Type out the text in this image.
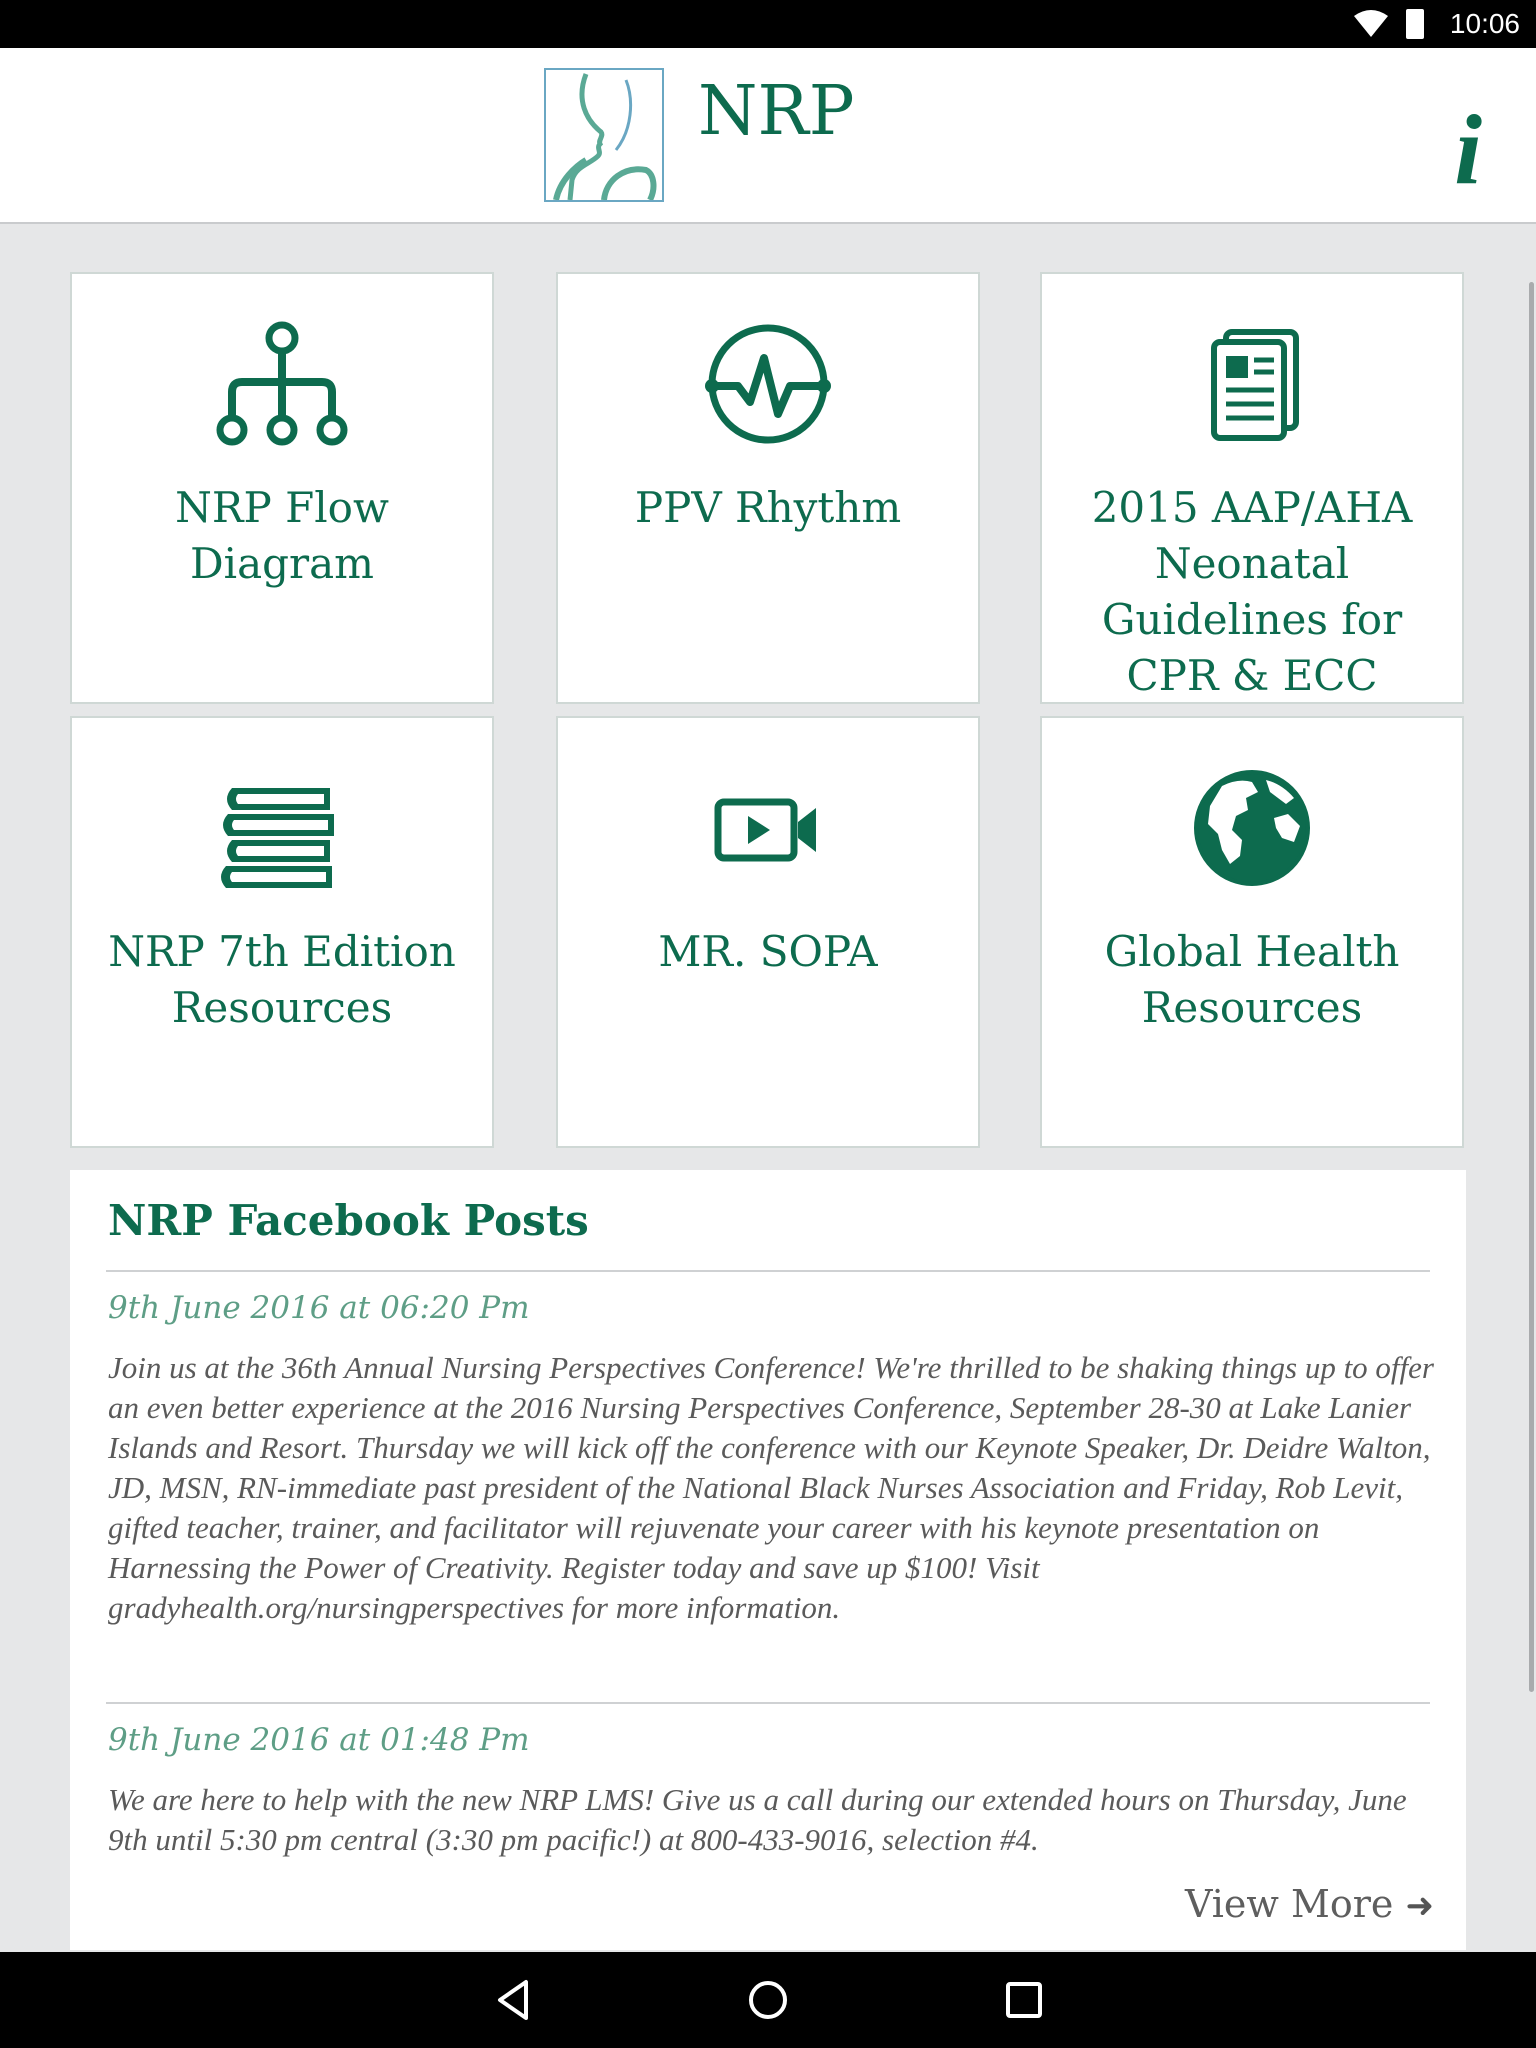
10:06
NRP	i
NRP Flow Diagram
PPV Rhythm	2015 AAP/AHA Neonatal Guidelines for CPR & ECC
NRP 7th Edition Resources
MR. SOPA	Global Health Resources
NRP Facebook Posts
9th June 2016 at 06:20 Pm
Join us at the 36th Annual Nursing Perspectives Conference! We're thrilled to be shaking things up to offer an even better experience at the 2016 Nursing Perspectives Conference, September 28-30 at Lake Lanier Islands and Resort. Thursday we will kick off the conference with our Keynote Speaker, Dr. Deidre Walton, JD, MSN, RN-immediate past president of the National Black Nurses Association and Friday, Rob Levit, gifted teacher, trainer, and facilitator will rejuvenate your career with his keynote presentation on Harnessing the Power of Creativity. Register today and save up $100! Visit gradyhealth.org/nursingperspectives for more information.
9th June 2016 at 01:48 Pm
We are here to help with the new NRP LMS! Give us a call during our extended hours on Thursday, June 9th until 5:30 pm central (3:30 pm pacific!) at 800-433-9016, selection #4.
View More ➜
